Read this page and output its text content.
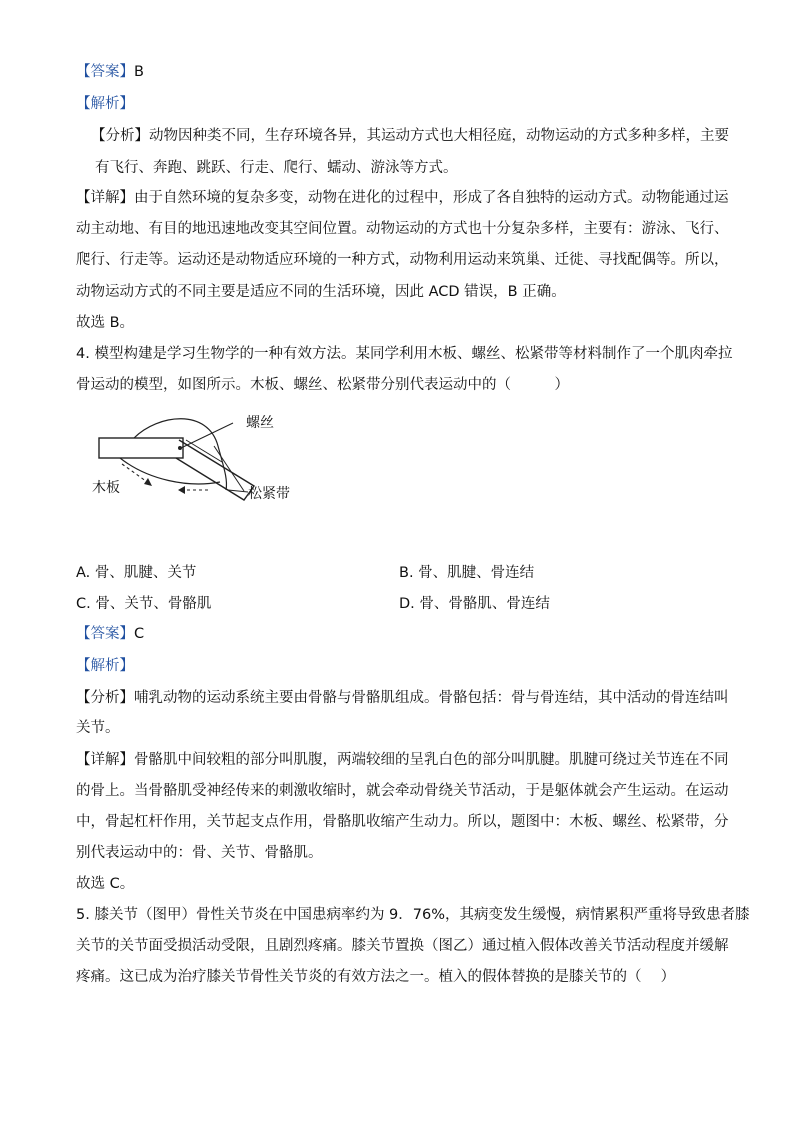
【答案】B
【解析】
【分析】动物因种类不同，生存环境各异，其运动方式也大相径庭，动物运动的方式多种多样，主要
有飞行、奔跑、跳跃、行走、爬行、蠕动、游泳等方式。
【详解】由于自然环境的复杂多变，动物在进化的过程中，形成了各自独特的运动方式。动物能通过运
动主动地、有目的地迅速地改变其空间位置。动物运动的方式也十分复杂多样，主要有：游泳、飞行、
爬行、行走等。运动还是动物适应环境的一种方式，动物利用运动来筑巢、迁徙、寻找配偶等。所以，
动物运动方式的不同主要是适应不同的生活环境，因此 ACD 错误，B 正确。
故选 B。
4. 模型构建是学习生物学的一种有效方法。某同学利用木板、螺丝、松紧带等材料制作了一个肌肉牵拉
骨运动的模型，如图所示。木板、螺丝、松紧带分别代表运动中的（　　　）
螺丝
木板	松紧带
A. 骨、肌腱、关节	B. 骨、肌腱、骨连结
C. 骨、关节、骨骼肌	D. 骨、骨骼肌、骨连结
【答案】C
【解析】
【分析】哺乳动物的运动系统主要由骨骼与骨骼肌组成。骨骼包括：骨与骨连结，其中活动的骨连结叫
关节。
【详解】骨骼肌中间较粗的部分叫肌腹，两端较细的呈乳白色的部分叫肌腱。肌腱可绕过关节连在不同
的骨上。当骨骼肌受神经传来的刺激收缩时，就会牵动骨绕关节活动，于是躯体就会产生运动。在运动
中，骨起杠杆作用，关节起支点作用，骨骼肌收缩产生动力。所以，题图中：木板、螺丝、松紧带，分
别代表运动中的：骨、关节、骨骼肌。
故选 C。
5. 膝关节（图甲）骨性关节炎在中国患病率约为 9．76%，其病变发生缓慢，病情累积严重将导致患者膝
关节的关节面受损活动受限，且剧烈疼痛。膝关节置换（图乙）通过植入假体改善关节活动程度并缓解
疼痛。这已成为治疗膝关节骨性关节炎的有效方法之一。植入的假体替换的是膝关节的（　 ）
